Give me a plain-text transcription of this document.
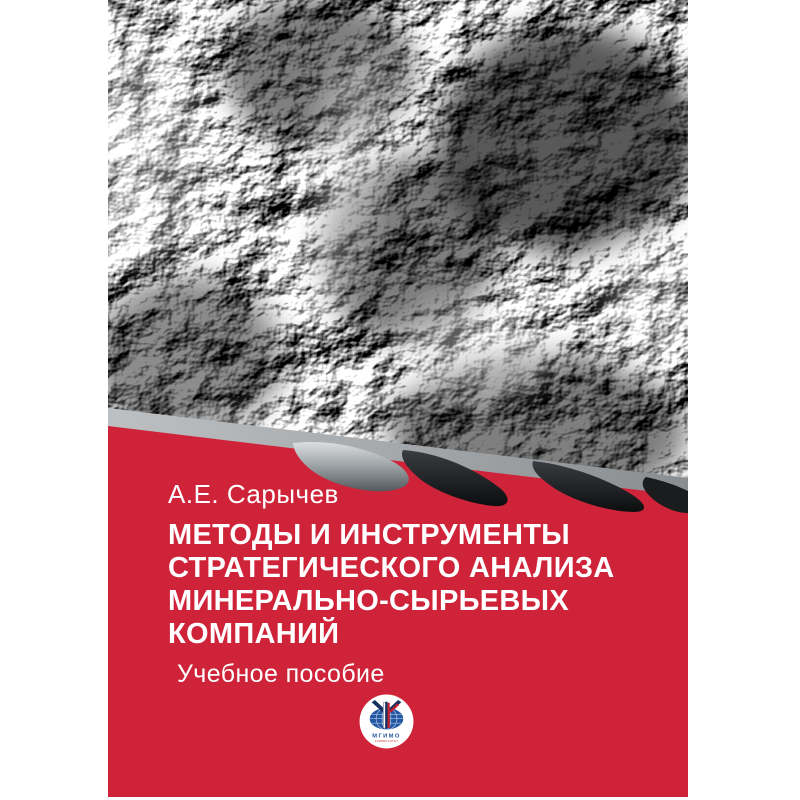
А.Е. Сарычев
МЕТОДЫ И ИНСТРУМЕНТЫ
СТРАТЕГИЧЕСКОГО АНАЛИЗА
МИНЕРАЛЬНО-СЫРЬЕВЫХ
КОМПАНИЙ
Учебное пособие
МГИМО
УНИВЕРСИТЕТ
